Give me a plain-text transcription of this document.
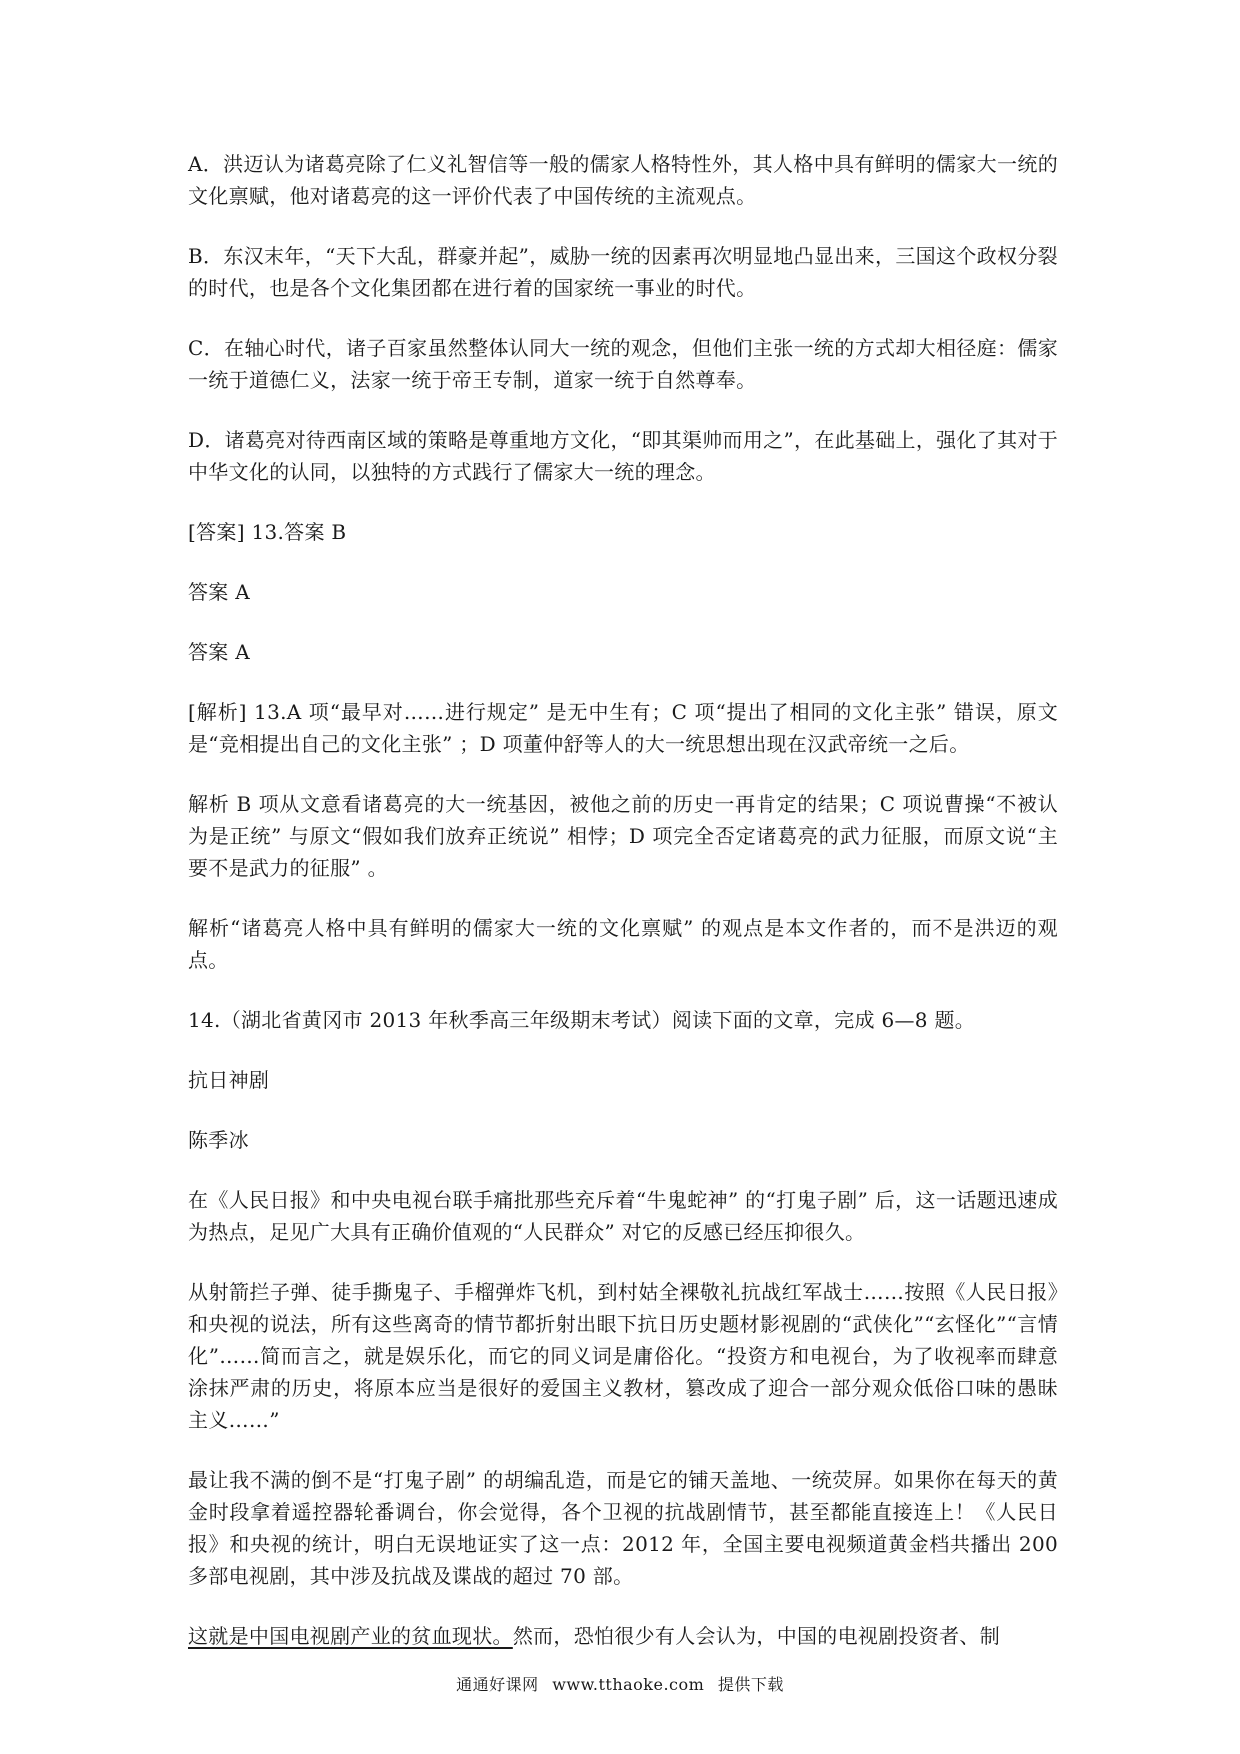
A．洪迈认为诸葛亮除了仁义礼智信等一般的儒家人格特性外，其人格中具有鲜明的儒家大一统的文化禀赋，他对诸葛亮的这一评价代表了中国传统的主流观点。

B．东汉末年，“天下大乱，群豪并起”，威胁一统的因素再次明显地凸显出来，三国这个政权分裂的时代，也是各个文化集团都在进行着的国家统一事业的时代。

C．在轴心时代，诸子百家虽然整体认同大一统的观念，但他们主张一统的方式却大相径庭：儒家一统于道德仁义，法家一统于帝王专制，道家一统于自然尊奉。

D．诸葛亮对待西南区域的策略是尊重地方文化，“即其渠帅而用之”，在此基础上，强化了其对于中华文化的认同，以独特的方式践行了儒家大一统的理念。

[答案] 13.答案 B

答案 A

答案 A

[解析] 13.A 项“最早对……进行规定” 是无中生有；C 项“提出了相同的文化主张” 错误，原文是“竞相提出自己的文化主张” ；D 项董仲舒等人的大一统思想出现在汉武帝统一之后。

解析 B 项从文意看诸葛亮的大一统基因，被他之前的历史一再肯定的结果；C 项说曹操“不被认为是正统” 与原文“假如我们放弃正统说” 相悖；D 项完全否定诸葛亮的武力征服，而原文说“主要不是武力的征服” 。

解析“诸葛亮人格中具有鲜明的儒家大一统的文化禀赋” 的观点是本文作者的，而不是洪迈的观点。

14.（湖北省黄冈市 2013 年秋季高三年级期末考试）阅读下面的文章，完成 6—8 题。

抗日神剧

陈季冰

在《人民日报》和中央电视台联手痛批那些充斥着“牛鬼蛇神” 的“打鬼子剧” 后，这一话题迅速成为热点，足见广大具有正确价值观的“人民群众” 对它的反感已经压抑很久。

从射箭拦子弹、徒手撕鬼子、手榴弹炸飞机，到村姑全裸敬礼抗战红军战士……按照《人民日报》和央视的说法，所有这些离奇的情节都折射出眼下抗日历史题材影视剧的“武侠化”“玄怪化”“言情化”……简而言之，就是娱乐化，而它的同义词是庸俗化。“投资方和电视台，为了收视率而肆意涂抹严肃的历史，将原本应当是很好的爱国主义教材，篡改成了迎合一部分观众低俗口味的愚昧主义……”

最让我不满的倒不是“打鬼子剧” 的胡编乱造，而是它的铺天盖地、一统荧屏。如果你在每天的黄金时段拿着遥控器轮番调台，你会觉得，各个卫视的抗战剧情节，甚至都能直接连上！《人民日报》和央视的统计，明白无误地证实了这一点：2012 年，全国主要电视频道黄金档共播出 200 多部电视剧，其中涉及抗战及谍战的超过 70 部。

这就是中国电视剧产业的贫血现状。然而，恐怕很少有人会认为，中国的电视剧投资者、制

通通好课网 www.tthaoke.com 提供下载
